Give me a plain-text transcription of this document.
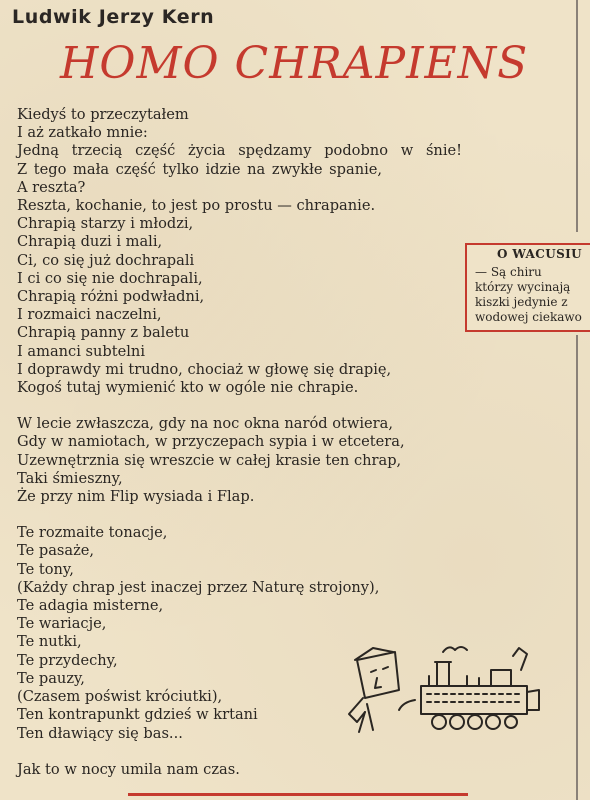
Ludwik Jerzy Kern
HOMO CHRAPIENS
Kiedyś to przeczytałem
I aż zatkało mnie:
Jedną trzecią część życia spędzamy podobno w śnie!
Z tego mała część tylko idzie na zwykłe spanie,
A reszta?
Reszta, kochanie, to jest po prostu — chrapanie.
Chrapią starzy i młodzi,
Chrapią duzi i mali,
Ci, co się już dochrapali
I ci co się nie dochrapali,
Chrapią różni podwładni,
I rozmaici naczelni,
Chrapią panny z baletu
I amanci subtelni
I doprawdy mi trudno, chociaż w głowę się drapię,
Kogoś tutaj wymienić kto w ogóle nie chrapie.
W lecie zwłaszcza, gdy na noc okna naród otwiera,
Gdy w namiotach, w przyczepach sypia i w etcetera,
Uzewnętrznia się wreszcie w całej krasie ten chrap,
Taki śmieszny,
Że przy nim Flip wysiada i Flap.
Te rozmaite tonacje,
Te pasaże,
Te tony,
(Każdy chrap jest inaczej przez Naturę strojony),
Te adagia misterne,
Te wariacje,
Te nutki,
Te przydechy,
Te pauzy,
(Czasem poświst króciutki),
Ten kontrapunkt gdzieś w krtani
Ten dławiący się bas...
Jak to w nocy umila nam czas.
O WACUSIU
— Są chiru
którzy wycinają
kiszki jedynie z
wodowej ciekawo
